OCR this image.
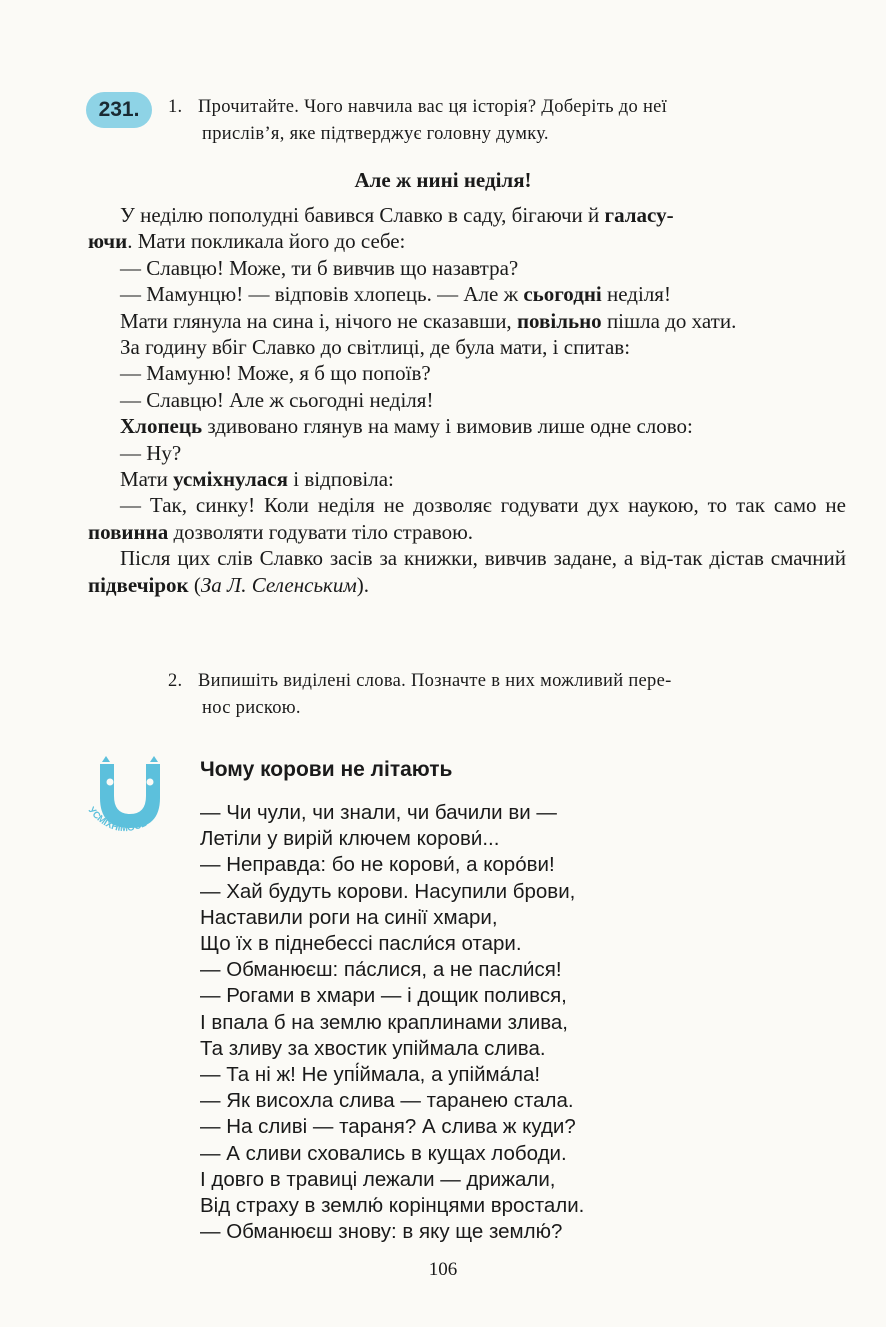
231.	1. Прочитайте. Чого навчила вас ця історія? Доберіть до неї
прислів’я, яке підтверджує головну думку.
Але ж нині неділя!

У неділю пополудні бавився Славко в саду, бігаючи й галасу-
ючи. Мати покликала його до себе:

— Славцю! Може, ти б вивчив що назавтра?

— Мамунцю! — відповів хлопець. — Але ж сьогодні неділя!

Мати глянула на сина і, нічого не сказавши, повільно пішла до хати.

За годину вбіг Славко до світлиці, де була мати, і спитав:

— Мамуню! Може, я б що попоїв?

— Славцю! Але ж сьогодні неділя!

Хлопець здивовано глянув на маму і вимовив лише одне слово:

— Ну?

Мати усміхнулася і відповіла:

— Так, синку! Коли неділя не дозволяє годувати дух наукою, то так само не повинна дозволяти годувати тіло стравою.

Після цих слів Славко засів за книжки, вивчив задане, а від-так дістав смачний підвечірок (За Л. Селенським).

2. Випишіть виділені слова. Позначте в них можливий пере-
нос рискою.
УСМІХНІМОСЬ
Чому корови не літають
— Чи чули, чи знали, чи бачили ви —
Летіли у вирій ключем корови́...
— Неправда: бо не корови́, а коро́ви!
— Хай будуть корови. Насупили брови,
Наставили роги на синії хмари,
Що їх в піднебессі пасли́ся отари.
— Обманюєш: па́слися, а не пасли́ся!
— Рогами в хмари — і дощик полився,
І впала б на землю краплинами злива,
Та зливу за хвостик упіймала слива.
— Та ні ж! Не упі́ймала, а упійма́ла!
— Як висохла слива — таранею стала.
— На сливі — тараня? А слива ж куди?
— А сливи сховались в кущах лободи.
І довго в травиці лежали — дрижали,
Від страху в землю́ корінцями вростали.
— Обманюєш знову: в яку ще землю́?
106
